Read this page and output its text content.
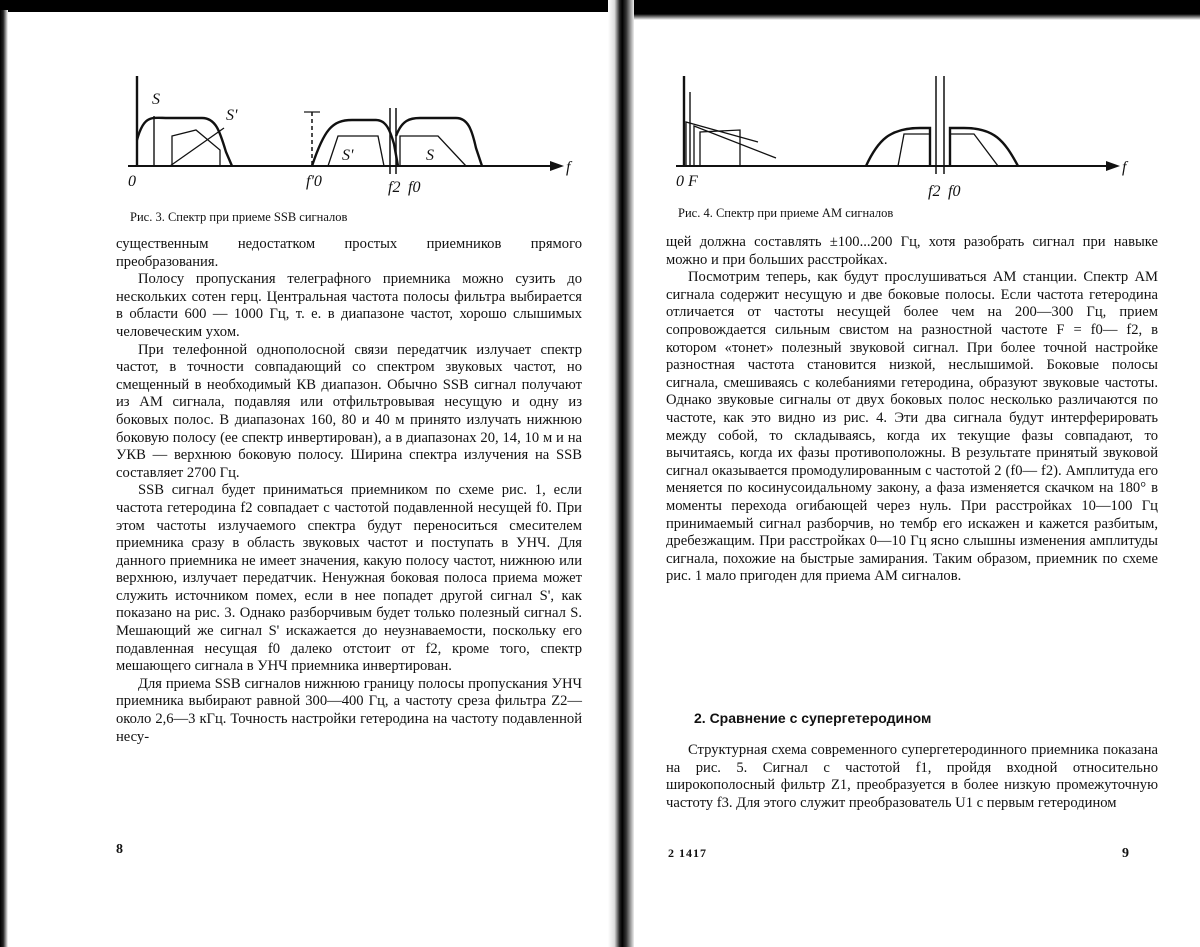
S
S'
0	f'0
S'	S
f2 f0
f
Рис. 3. Спектр при приеме SSB сигналов

существенным недостатком простых приемников прямого преобразования.

Полосу пропускания телеграфного приемника можно сузить до нескольких сотен герц. Центральная частота полосы фильтра выбирается в области 600 — 1000 Гц, т. е. в диапазоне частот, хорошо слышимых человеческим ухом.

При телефонной однополосной связи передатчик излучает спектр частот, в точности совпадающий со спектром звуковых частот, но смещенный в необходимый КВ диапазон. Обычно SSB сигнал получают из АМ сигнала, подавляя или отфильтровывая несущую и одну из боковых полос. В диапазонах 160, 80 и 40 м принято излучать нижнюю боковую полосу (ее спектр инвертирован), а в диапазонах 20, 14, 10 м и на УКВ — верхнюю боковую полосу. Ширина спектра излучения на SSB составляет 2700 Гц.

SSB сигнал будет приниматься приемником по схеме рис. 1, если частота гетеродина f2 совпадает с частотой подавленной несущей f0. При этом частоты излучаемого спектра будут переноситься смесителем приемника сразу в область звуковых частот и поступать в УНЧ. Для данного приемника не имеет значения, какую полосу частот, нижнюю или верхнюю, излучает передатчик. Ненужная боковая полоса приема может служить источником помех, если в нее попадет другой сигнал S', как показано на рис. 3. Однако разборчивым будет только полезный сигнал S. Мешающий же сигнал S' искажается до неузнаваемости, поскольку его подавленная несущая f0 далеко отстоит от f2, кроме того, спектр мешающего сигнала в УНЧ приемника инвертирован.

Для приема SSB сигналов нижнюю границу полосы пропускания УНЧ приемника выбирают равной 300—400 Гц, а частоту среза фильтра Z2— около 2,6—3 кГц. Точность настройки гетеродина на частоту подавленной несу-

8
0 F
f2 f0
f
Рис. 4. Спектр при приеме АМ сигналов

щей должна составлять ±100...200 Гц, хотя разобрать сигнал при навыке можно и при больших расстройках.

Посмотрим теперь, как будут прослушиваться АМ станции. Спектр АМ сигнала содержит несущую и две боковые полосы. Если частота гетеродина отличается от частоты несущей более чем на 200—300 Гц, прием сопровождается сильным свистом на разностной частоте F = f0— f2, в котором «тонет» полезный звуковой сигнал. При более точной настройке разностная частота становится низкой, неслышимой. Боковые полосы сигнала, смешиваясь с колебаниями гетеродина, образуют звуковые частоты. Однако звуковые сигналы от двух боковых полос несколько различаются по частоте, как это видно из рис. 4. Эти два сигнала будут интерферировать между собой, то складываясь, когда их текущие фазы совпадают, то вычитаясь, когда их фазы противоположны. В результате принятый звуковой сигнал оказывается промодулированным с частотой 2 (f0— f2). Амплитуда его меняется по косинусоидальному закону, а фаза изменяется скачком на 180° в моменты перехода огибающей через нуль. При расстройках 10—100 Гц принимаемый сигнал разборчив, но тембр его искажен и кажется разбитым, дребезжащим. При расстройках 0—10 Гц ясно слышны изменения амплитуды сигнала, похожие на быстрые замирания. Таким образом, приемник по схеме рис. 1 мало пригоден для приема АМ сигналов.

2. Сравнение с супергетеродином

Структурная схема современного супергетеродинного приемника показана на рис. 5. Сигнал с частотой f1, пройдя входной относительно широкополосный фильтр Z1, преобразуется в более низкую промежуточную частоту f3. Для этого служит преобразователь U1 с первым гетеродином

2 1417	9
